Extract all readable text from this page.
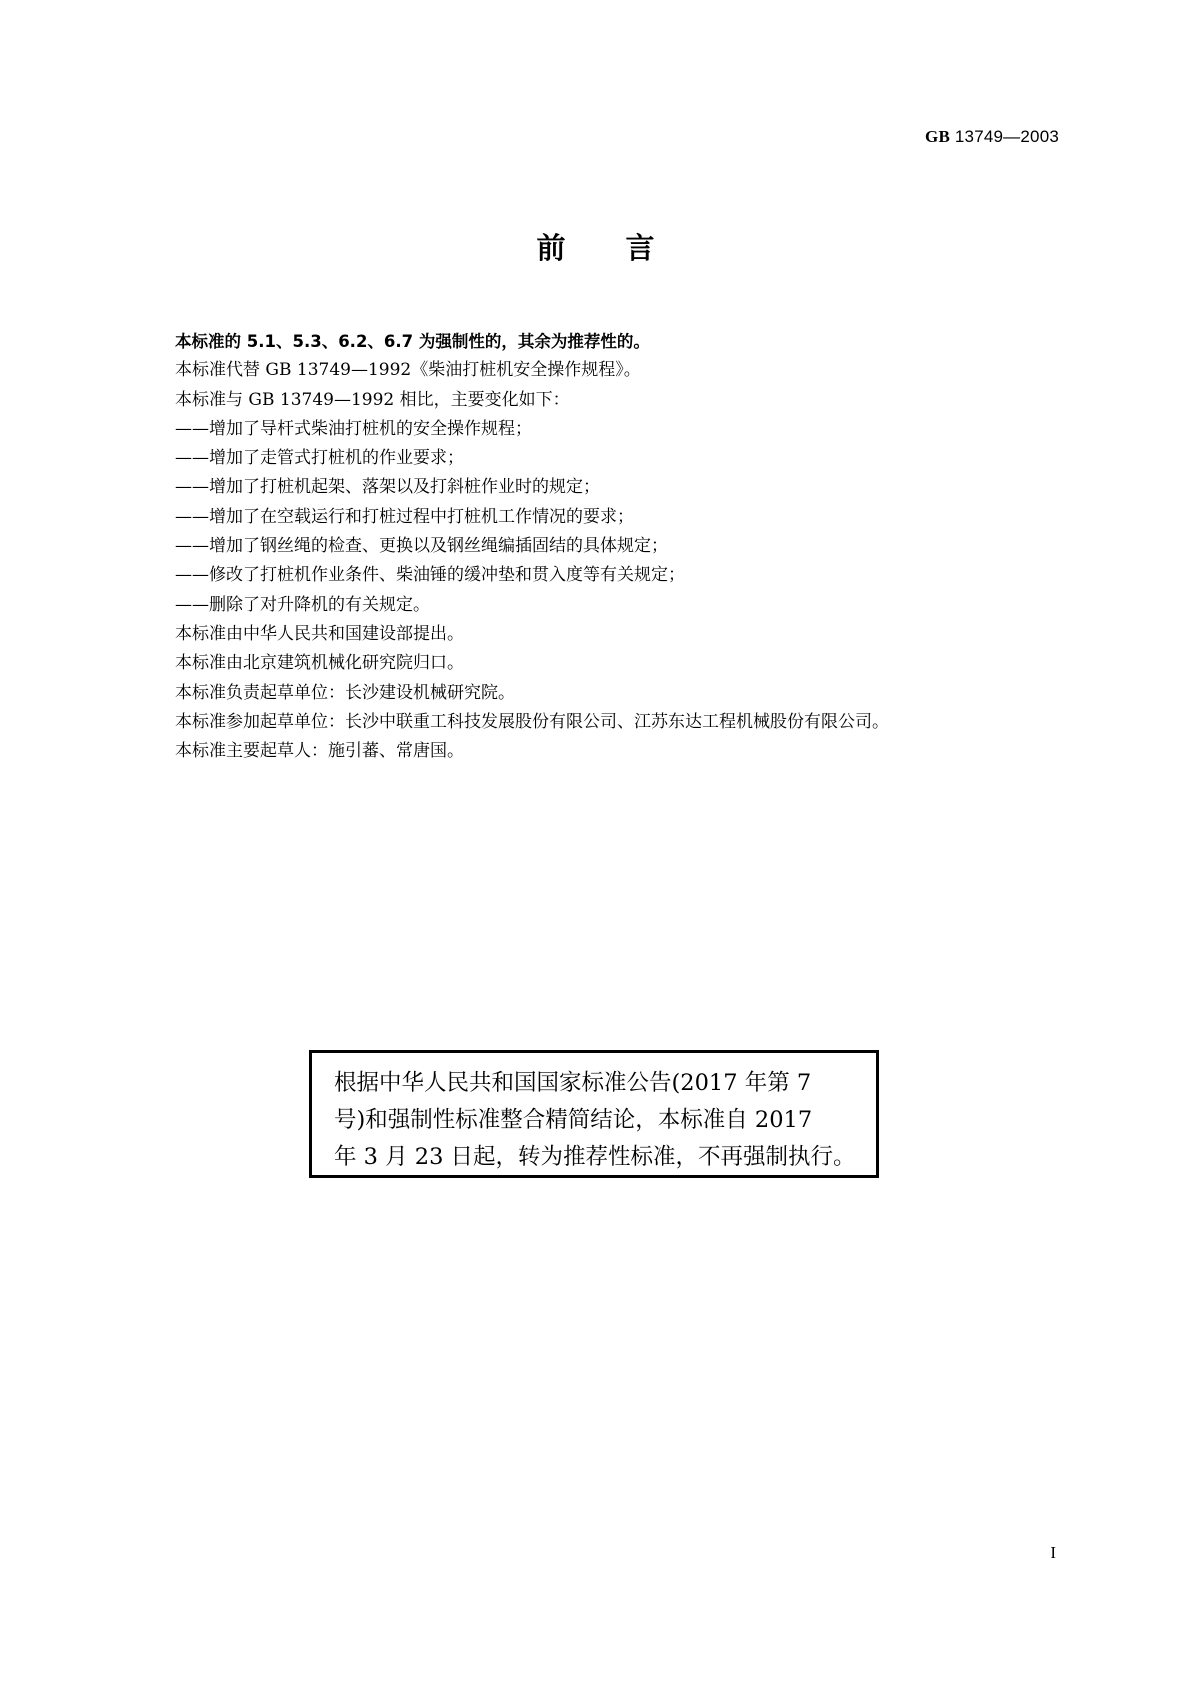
GB 13749—2003
前言
本标准的 5.1、5.3、6.2、6.7 为强制性的，其余为推荐性的。
本标准代替 GB 13749—1992《柴油打桩机安全操作规程》。
本标准与 GB 13749—1992 相比，主要变化如下：
——增加了导杆式柴油打桩机的安全操作规程；
——增加了走管式打桩机的作业要求；
——增加了打桩机起架、落架以及打斜桩作业时的规定；
——增加了在空载运行和打桩过程中打桩机工作情况的要求；
——增加了钢丝绳的检查、更换以及钢丝绳编插固结的具体规定；
——修改了打桩机作业条件、柴油锤的缓冲垫和贯入度等有关规定；
——删除了对升降机的有关规定。
本标准由中华人民共和国建设部提出。
本标准由北京建筑机械化研究院归口。
本标准负责起草单位：长沙建设机械研究院。
本标准参加起草单位：长沙中联重工科技发展股份有限公司、江苏东达工程机械股份有限公司。
本标准主要起草人：施引蕃、常唐国。
根据中华人民共和国国家标准公告(2017 年第 7
号)和强制性标准整合精简结论，本标准自 2017
年 3 月 23 日起，转为推荐性标准，不再强制执行。
I
